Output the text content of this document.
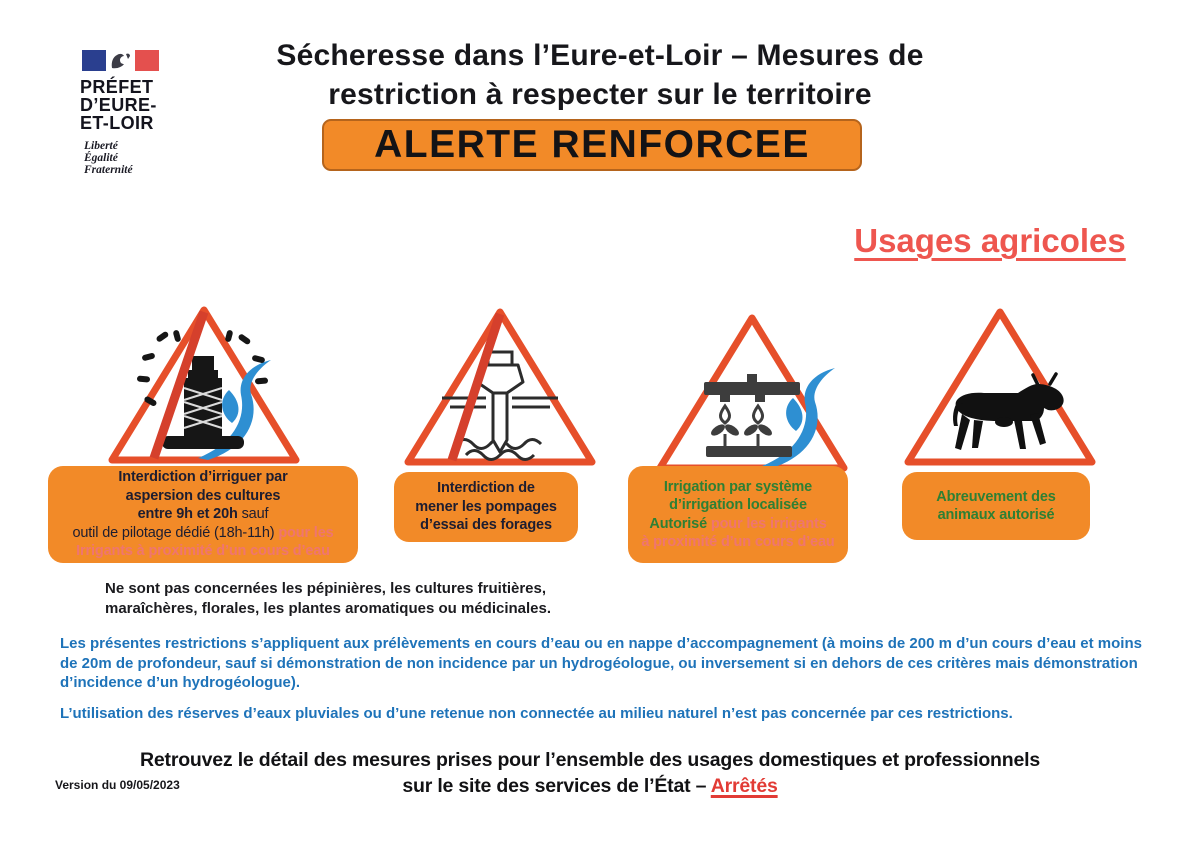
PRÉFET
D’EURE-
ET-LOIR
Liberté
Égalité
Fraternité
Sécheresse dans l’Eure-et-Loir – Mesures de
restriction à respecter sur le territoire
ALERTE RENFORCEE
Usages agricoles
Interdiction d’irriguer par
aspersion des cultures
entre 9h et 20h sauf
outil de pilotage dédié (18h-11h) pour les
Irrigants à proximité d’un cours d’eau
Interdiction de
mener les pompages
d’essai des forages
Irrigation par système
d’irrigation localisée
Autorisé pour les irrigants
à proximité d’un cours d’eau
Abreuvement des
animaux autorisé
Ne sont pas concernées les pépinières, les cultures fruitières, maraîchères, florales, les plantes aromatiques ou médicinales.
Les présentes restrictions s’appliquent aux prélèvements en cours d’eau ou en nappe d’accompagnement (à moins de 200 m d’un cours d’eau et moins de 20m de profondeur, sauf si démonstration de non incidence par un hydrogéologue, ou inversement si en dehors de ces critères mais démonstration d’incidence d’un hydrogéologue).
L’utilisation des réserves d’eaux pluviales ou d’une retenue non connectée au milieu naturel n’est pas concernée par ces restrictions.
Retrouvez le détail des mesures prises pour l’ensemble des usages domestiques et professionnels
sur le site des services de l’État – Arrêtés
Version du 09/05/2023
